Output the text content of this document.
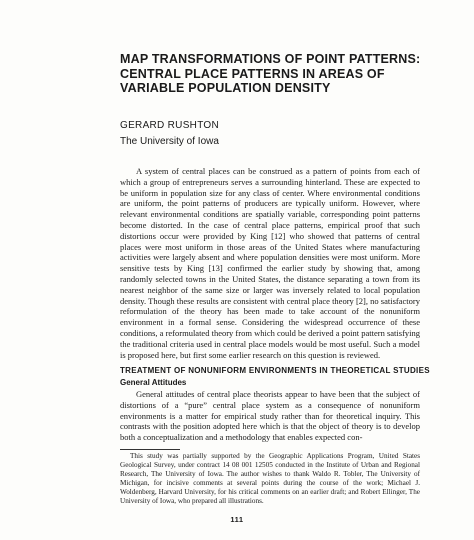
MAP TRANSFORMATIONS OF POINT PATTERNS:
CENTRAL PLACE PATTERNS IN AREAS OF
VARIABLE POPULATION DENSITY
GERARD RUSHTON
The University of Iowa

A system of central places can be construed as a pattern of points from each of which a group of entrepreneurs serves a surrounding hinterland. These are expected to be uniform in population size for any class of center. Where environmental conditions are uniform, the point patterns of producers are typically uniform. However, where relevant environmental conditions are spatially variable, corresponding point patterns become distorted. In the case of central place patterns, empirical proof that such distortions occur were provided by King [12] who showed that patterns of central places were most uniform in those areas of the United States where manufacturing activities were largely absent and where population densities were most uniform. More sensitive tests by King [13] confirmed the earlier study by showing that, among randomly selected towns in the United States, the distance separating a town from its nearest neighbor of the same size or larger was inversely related to local population density. Though these results are consistent with central place theory [2], no satisfactory reformulation of the theory has been made to take account of the nonuniform environment in a formal sense. Considering the widespread occurrence of these conditions, a reformulated theory from which could be derived a point pattern satisfying the traditional criteria used in central place models would be most useful. Such a model is proposed here, but first some earlier research on this question is reviewed.

TREATMENT OF NONUNIFORM ENVIRONMENTS IN THEORETICAL STUDIES
General Attitudes

General attitudes of central place theorists appear to have been that the subject of distortions of a “pure” central place system as a consequence of nonuniform environments is a matter for empirical study rather than for theoretical inquiry. This contrasts with the position adopted here which is that the object of theory is to develop both a conceptualization and a methodology that enables expected con-

This study was partially supported by the Geographic Applications Program, United States Geological Survey, under contract 14 08 001 12505 conducted in the Institute of Urban and Regional Research, The University of Iowa. The author wishes to thank Waldo R. Tobler, The University of Michigan, for incisive comments at several points during the course of the work; Michael J. Woldenberg, Harvard University, for his critical comments on an earlier draft; and Robert Ellinger, The University of Iowa, who prepared all illustrations.

111
